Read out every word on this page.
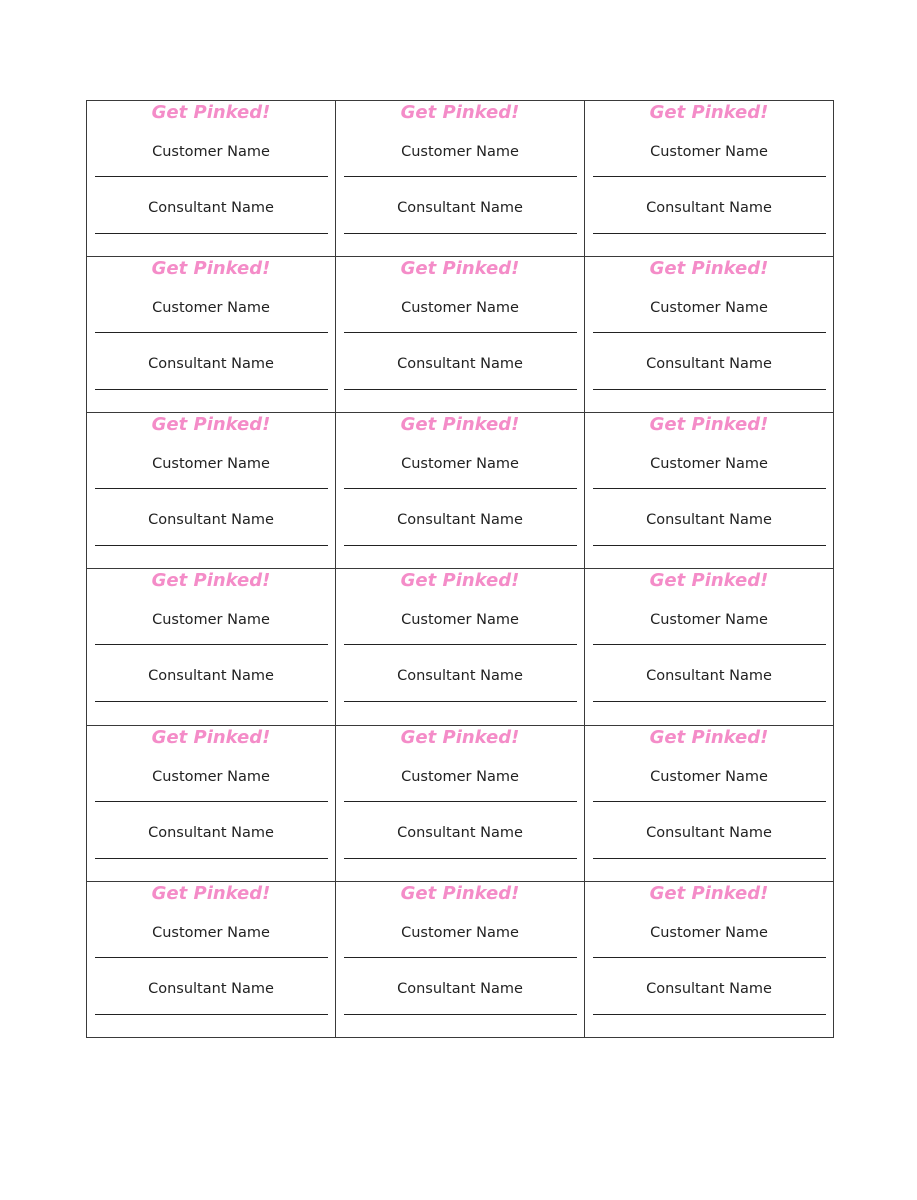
Get Pinked!
Customer Name
Consultant Name	Get Pinked!
Customer Name
Consultant Name	Get Pinked!
Customer Name
Consultant Name

Get Pinked!
Customer Name
Consultant Name	Get Pinked!
Customer Name
Consultant Name	Get Pinked!
Customer Name
Consultant Name

Get Pinked!
Customer Name
Consultant Name	Get Pinked!
Customer Name
Consultant Name	Get Pinked!
Customer Name
Consultant Name

Get Pinked!
Customer Name
Consultant Name	Get Pinked!
Customer Name
Consultant Name	Get Pinked!
Customer Name
Consultant Name

Get Pinked!
Customer Name
Consultant Name	Get Pinked!
Customer Name
Consultant Name	Get Pinked!
Customer Name
Consultant Name

Get Pinked!
Customer Name
Consultant Name	Get Pinked!
Customer Name
Consultant Name	Get Pinked!
Customer Name
Consultant Name
